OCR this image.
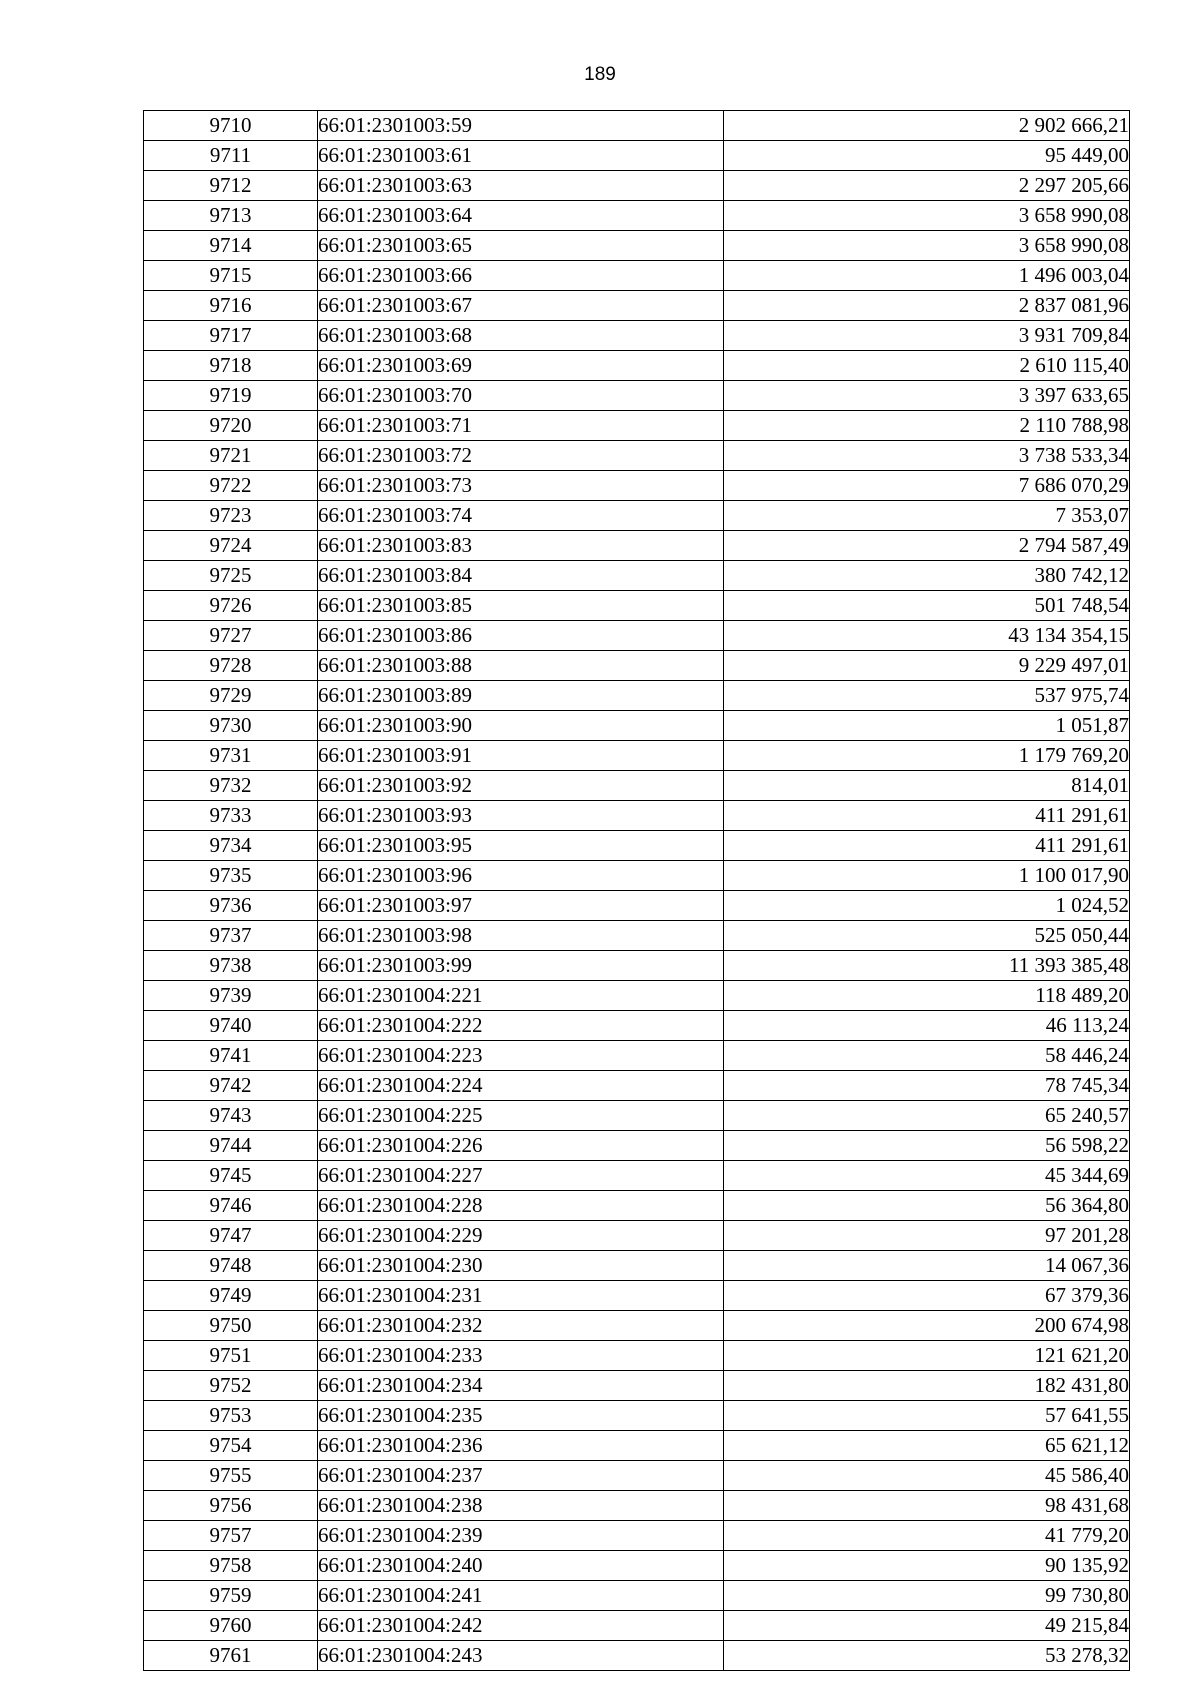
189
9710	66:01:2301003:59	2 902 666,21
9711	66:01:2301003:61	95 449,00
9712	66:01:2301003:63	2 297 205,66
9713	66:01:2301003:64	3 658 990,08
9714	66:01:2301003:65	3 658 990,08
9715	66:01:2301003:66	1 496 003,04
9716	66:01:2301003:67	2 837 081,96
9717	66:01:2301003:68	3 931 709,84
9718	66:01:2301003:69	2 610 115,40
9719	66:01:2301003:70	3 397 633,65
9720	66:01:2301003:71	2 110 788,98
9721	66:01:2301003:72	3 738 533,34
9722	66:01:2301003:73	7 686 070,29
9723	66:01:2301003:74	7 353,07
9724	66:01:2301003:83	2 794 587,49
9725	66:01:2301003:84	380 742,12
9726	66:01:2301003:85	501 748,54
9727	66:01:2301003:86	43 134 354,15
9728	66:01:2301003:88	9 229 497,01
9729	66:01:2301003:89	537 975,74
9730	66:01:2301003:90	1 051,87
9731	66:01:2301003:91	1 179 769,20
9732	66:01:2301003:92	814,01
9733	66:01:2301003:93	411 291,61
9734	66:01:2301003:95	411 291,61
9735	66:01:2301003:96	1 100 017,90
9736	66:01:2301003:97	1 024,52
9737	66:01:2301003:98	525 050,44
9738	66:01:2301003:99	11 393 385,48
9739	66:01:2301004:221	118 489,20
9740	66:01:2301004:222	46 113,24
9741	66:01:2301004:223	58 446,24
9742	66:01:2301004:224	78 745,34
9743	66:01:2301004:225	65 240,57
9744	66:01:2301004:226	56 598,22
9745	66:01:2301004:227	45 344,69
9746	66:01:2301004:228	56 364,80
9747	66:01:2301004:229	97 201,28
9748	66:01:2301004:230	14 067,36
9749	66:01:2301004:231	67 379,36
9750	66:01:2301004:232	200 674,98
9751	66:01:2301004:233	121 621,20
9752	66:01:2301004:234	182 431,80
9753	66:01:2301004:235	57 641,55
9754	66:01:2301004:236	65 621,12
9755	66:01:2301004:237	45 586,40
9756	66:01:2301004:238	98 431,68
9757	66:01:2301004:239	41 779,20
9758	66:01:2301004:240	90 135,92
9759	66:01:2301004:241	99 730,80
9760	66:01:2301004:242	49 215,84
9761	66:01:2301004:243	53 278,32
